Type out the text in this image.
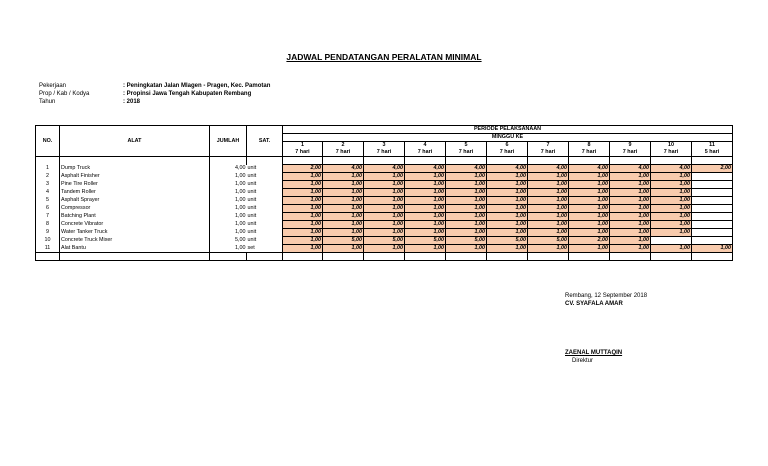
JADWAL PENDATANGAN PERALATAN MINIMAL
Pekerjaan	: Peningkatan Jalan Mlagen - Pragen, Kec. Pamotan
Prop / Kab / Kodya	: Propinsi Jawa Tengah Kabupaten Rembang
Tahun	: 2018
NO.	ALAT	JUMLAH	SAT.	PERIODE PELAKSANAAN										
				MINGGU KE										
				1	2	3	4	5	6	7	8	9	10	11
				7 hari	7 hari	7 hari	7 hari	7 hari	7 hari	7 hari	7 hari	7 hari	7 hari	5 hari

1	Dump Truck	4,00	unit	2,00	4,00	4,00	4,00	4,00	4,00	4,00	4,00	4,00	4,00	2,00
2	Asphalt Finisher	1,00	unit	1,00	1,00	1,00	1,00	1,00	1,00	1,00	1,00	1,00	1,00	
3	Pine Tire Roller	1,00	unit	1,00	1,00	1,00	1,00	1,00	1,00	1,00	1,00	1,00	1,00	
4	Tandem Roller	1,00	unit	1,00	1,00	1,00	1,00	1,00	1,00	1,00	1,00	1,00	1,00	
5	Asphalt Sprayer	1,00	unit	1,00	1,00	1,00	1,00	1,00	1,00	1,00	1,00	1,00	1,00	
6	Compressor	1,00	unit	1,00	1,00	1,00	1,00	1,00	1,00	1,00	1,00	1,00	1,00	
7	Batching Plant	1,00	unit	1,00	1,00	1,00	1,00	1,00	1,00	1,00	1,00	1,00	1,00	
8	Concrete Vibrator	1,00	unit	1,00	1,00	1,00	1,00	1,00	1,00	1,00	1,00	1,00	1,00	
9	Water Tanker Truck	1,00	unit	1,00	1,00	1,00	1,00	1,00	1,00	1,00	1,00	1,00	1,00	
10	Concrete Truck Mixer	5,00	unit	1,00	5,00	5,00	5,00	5,00	5,00	5,00	2,00	1,00		
11	Alat Bantu	1,00	set	1,00	1,00	1,00	1,00	1,00	1,00	1,00	1,00	1,00	1,00	1,00

Rembang, 12 September 2018
CV. SYAFALA AMAR
ZAENAL MUTTAQIN
Direktur
